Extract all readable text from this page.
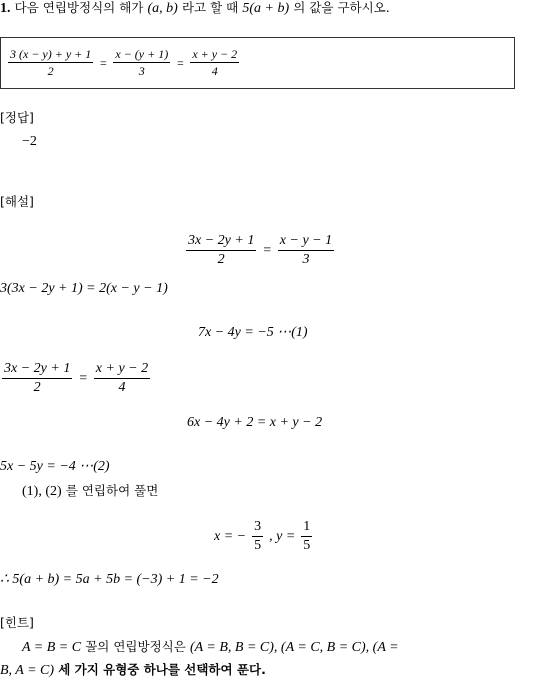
1. 다음 연립방정식의 해가 (a, b) 라고 할 때 5(a + b) 의 값을 구하시오.
$\frac{3 (x - y) + y + 1}{2} = \frac{x - (y + 1)}{3} = \frac{x + y - 2}{4}$
[정답]
−2
[해설]
$\frac{3x - 2y + 1}{2} = \frac{x - y - 1}{3}$
3(3x − 2y + 1) = 2(x − y − 1)
7x − 4y = −5 ⋯(1)
$\frac{3x - 2y + 1}{2} = \frac{x + y - 2}{4}$
6x − 4y + 2 = x + y − 2
5x − 5y = −4 ⋯(2)
(1), (2) 를 연립하여 풀면
x = − $\frac{3}{5}$ , $y = \frac{1}{5}$
∴ 5(a + b) = 5a + 5b = (−3) + 1 = −2
[힌트]
A = B = C 꼴의 연립방정식은 (A = B, B = C), (A = C, B = C), (A =
B, A = C) 세 가지 유형중 하나를 선택하여 푼다.
